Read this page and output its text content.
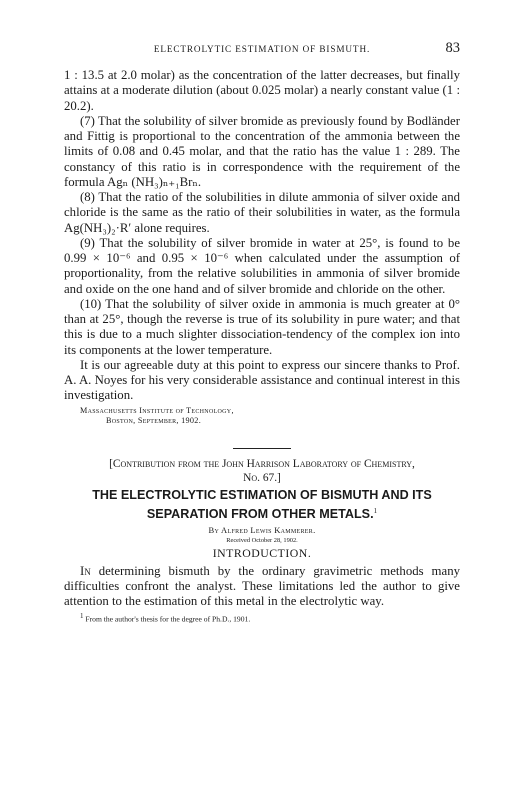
ELECTROLYTIC ESTIMATION OF BISMUTH.	83

1 : 13.5 at 2.0 molar) as the concentration of the latter decreases, but finally attains at a moderate dilution (about 0.025 molar) a nearly constant value (1 : 20.2).

(7) That the solubility of silver bromide as previously found by Bodländer and Fittig is proportional to the concentration of the ammonia between the limits of 0.08 and 0.45 molar, and that the ratio has the value 1 : 289. The constancy of this ratio is in correspondence with the requirement of the formula Agₙ (NH₃)ₙ₊₁Brₙ.

(8) That the ratio of the solubilities in dilute ammonia of silver oxide and chloride is the same as the ratio of their solubilities in water, as the formula Ag(NH₃)₂·R′ alone requires.

(9) That the solubility of silver bromide in water at 25°, is found to be 0.99 × 10⁻⁶ and 0.95 × 10⁻⁶ when calculated under the assumption of proportionality, from the relative solubilities in ammonia of silver bromide and oxide on the one hand and of silver bromide and chloride on the other.

(10) That the solubility of silver oxide in ammonia is much greater at 0° than at 25°, though the reverse is true of its solubility in pure water; and that this is due to a much slighter dissociation-tendency of the complex ion into its components at the lower temperature.

It is our agreeable duty at this point to express our sincere thanks to Prof. A. A. Noyes for his very considerable assistance and continual interest in this investigation.

Massachusetts Institute of Technology,
Boston, September, 1902.
[Contribution from the John Harrison Laboratory of Chemistry,
No. 67.]
THE ELECTROLYTIC ESTIMATION OF BISMUTH AND ITS
SEPARATION FROM OTHER METALS.$^1$
By Alfred Lewis Kammerer.
Received October 28, 1902.
INTRODUCTION.

In determining bismuth by the ordinary gravimetric methods many difficulties confront the analyst. These limitations led the author to give attention to the estimation of this metal in the electrolytic way.

$^1$ From the author's thesis for the degree of Ph.D., 1901.
